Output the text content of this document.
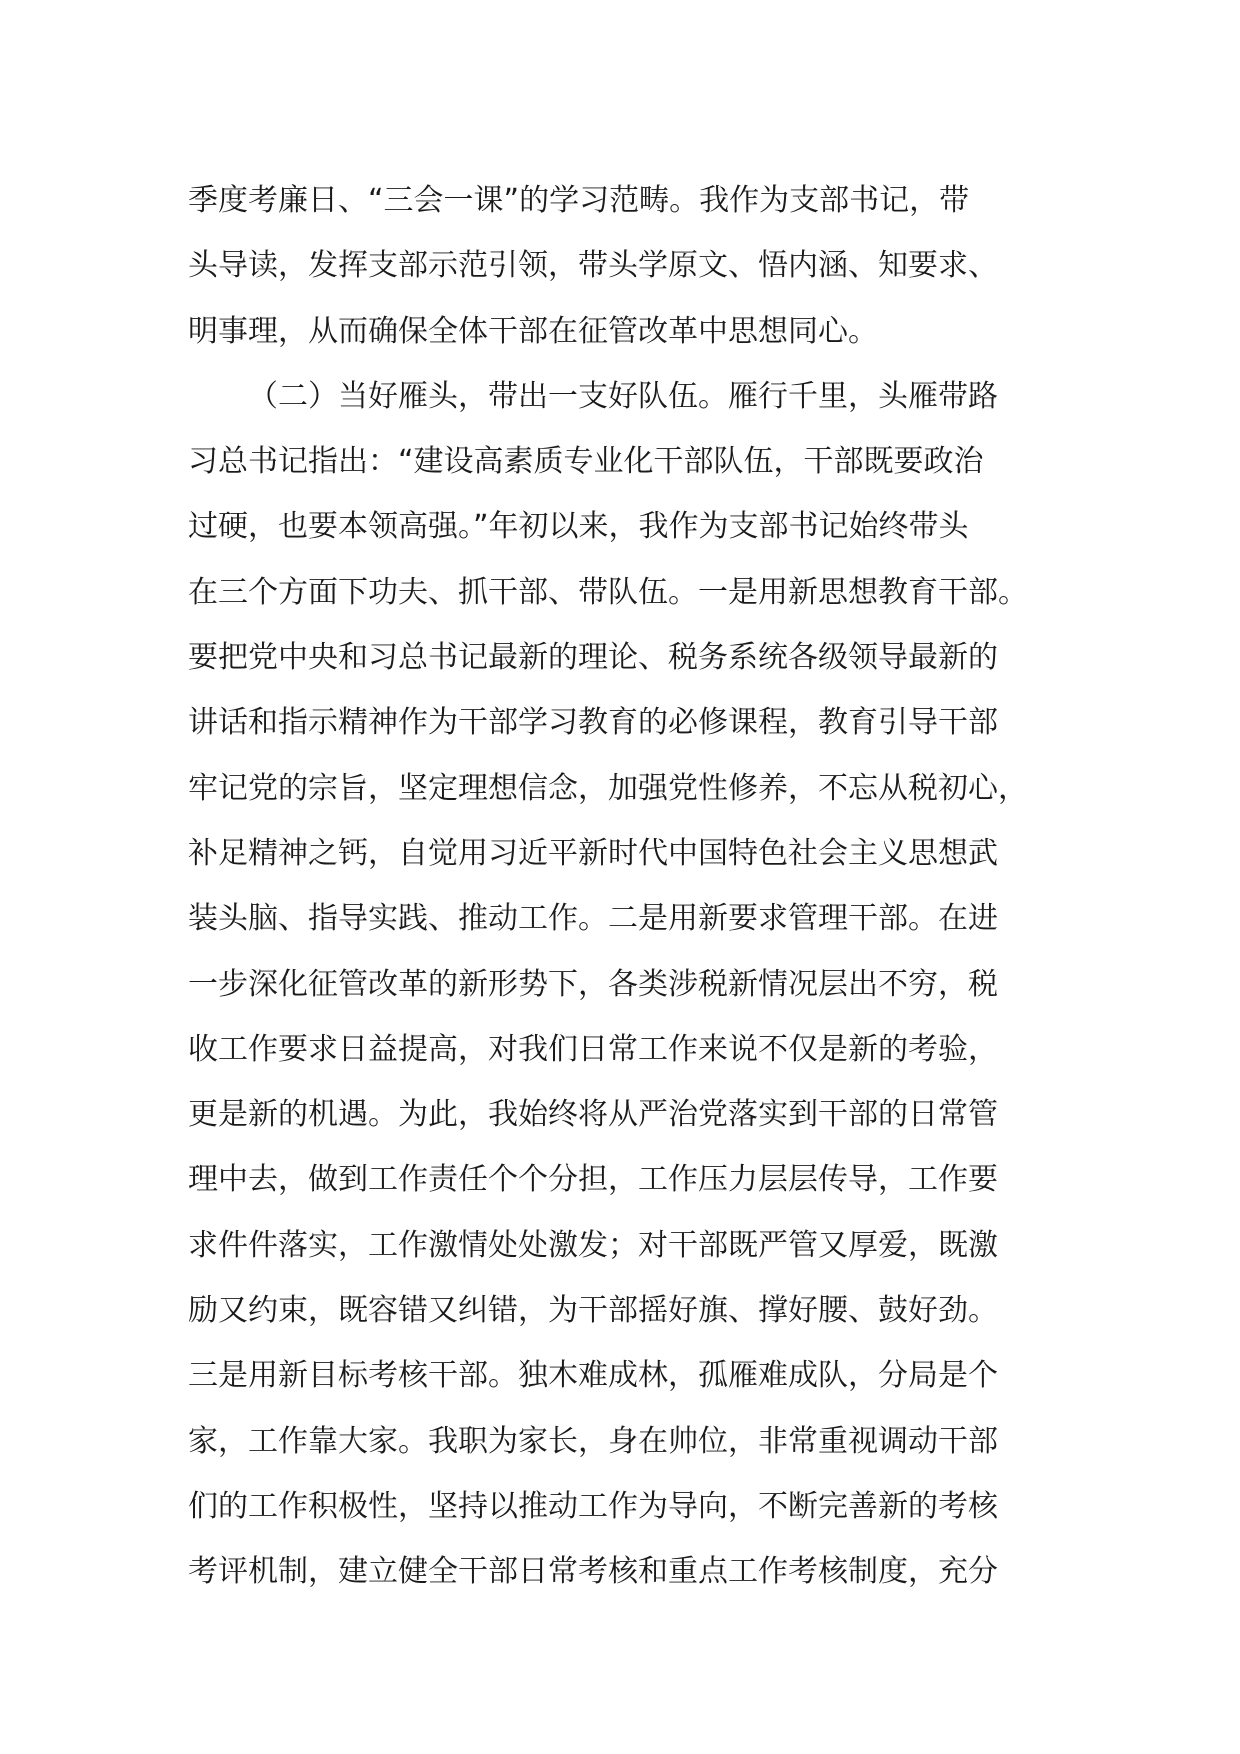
季度考廉日、“三会一课”的学习范畴。我作为支部书记，带
头导读，发挥支部示范引领，带头学原文、悟内涵、知要求、
明事理，从而确保全体干部在征管改革中思想同心。
（二）当好雁头，带出一支好队伍。雁行千里，头雁带路
习总书记指出：“建设高素质专业化干部队伍，干部既要政治
过硬，也要本领高强。”年初以来，我作为支部书记始终带头
在三个方面下功夫、抓干部、带队伍。一是用新思想教育干部。
要把党中央和习总书记最新的理论、税务系统各级领导最新的
讲话和指示精神作为干部学习教育的必修课程，教育引导干部
牢记党的宗旨，坚定理想信念，加强党性修养，不忘从税初心，
补足精神之钙，自觉用习近平新时代中国特色社会主义思想武
装头脑、指导实践、推动工作。二是用新要求管理干部。在进
一步深化征管改革的新形势下，各类涉税新情况层出不穷，税
收工作要求日益提高，对我们日常工作来说不仅是新的考验，
更是新的机遇。为此，我始终将从严治党落实到干部的日常管
理中去，做到工作责任个个分担，工作压力层层传导，工作要
求件件落实，工作激情处处激发；对干部既严管又厚爱，既激
励又约束，既容错又纠错，为干部摇好旗、撑好腰、鼓好劲。
三是用新目标考核干部。独木难成林，孤雁难成队，分局是个
家，工作靠大家。我职为家长，身在帅位，非常重视调动干部
们的工作积极性，坚持以推动工作为导向，不断完善新的考核
考评机制，建立健全干部日常考核和重点工作考核制度，充分
